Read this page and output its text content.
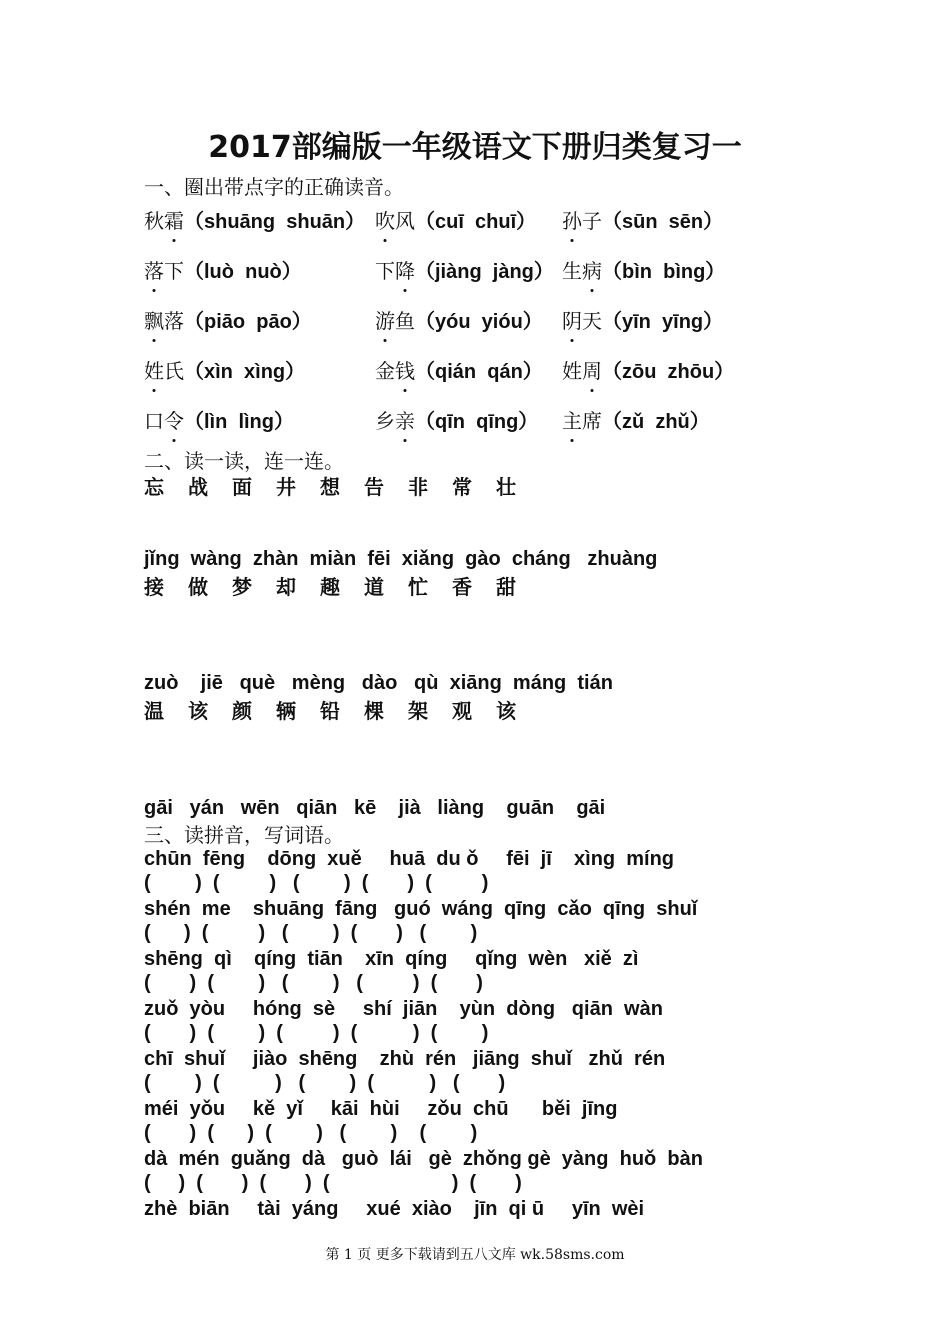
2017部编版一年级语文下册归类复习一
一、圈出带点字的正确读音。
秋霜（shuāng  shuān） 吹风（cuī  chuī） 孙子（sūn  sēn）
落下（luò  nuò）	下降（jiàng  jàng） 生病（bìn  bìng）
飘落（piāo  pāo）	游鱼（yóu  yióu） 阴天（yīn  yīng）
姓氏（xìn  xìng）	金钱（qián  qán） 姓周（zōu  zhōu）
口令（lìn  lìng）	乡亲（qīn  qīng） 主席（zǔ  zhǔ）
二、读一读，连一连。
忘 战 面 井 想 告 非 常 壮
jǐng  wàng  zhàn  miàn  fēi  xiǎng  gào  cháng   zhuàng
接 做 梦 却 趣 道 忙 香 甜
zuò    jiē   què   mèng   dào   qù  xiāng  máng  tián
温 该 颜 辆 铅 棵 架 观 该
gāi   yán   wēn   qiān   kē    jià   liàng    guān    gāi
三、读拼音，写词语。
chūn  fēng    dōng  xuě     huā  du ǒ     fēi  jī    xìng  míng
(        )  (         )   (        )  (       )  (         )
shén  me    shuāng  fāng   guó  wáng  qīng  cǎo  qīng  shuǐ
(      )  (         )   (        )  (       )   (        )
shēng  qì    qíng  tiān    xīn  qíng     qǐng  wèn   xiě  zì
(       )  (        )   (        )   (         )  (       )
zuǒ  yòu     hóng  sè     shí  jiān    yùn  dòng   qiān  wàn
(       )  (        )  (         )  (          )  (        )
chī  shuǐ     jiào  shēng    zhù  rén   jiāng  shuǐ   zhǔ  rén
(        )  (          )   (        )  (          )   (       )
méi  yǒu     kě  yǐ     kāi  hùi     zǒu  chū      běi  jīng
(       )  (      )  (        )   (        )    (        )
dà  mén  guǎng  dà   guò  lái   gè  zhǒng gè  yàng  huǒ  bàn
(     )  (       )  (       )  (                      )  (       )
zhè  biān     tài  yáng     xué  xiào    jīn  qi ū     yīn  wèi
第 1 页 更多下载请到五八文库 wk.58sms.com
